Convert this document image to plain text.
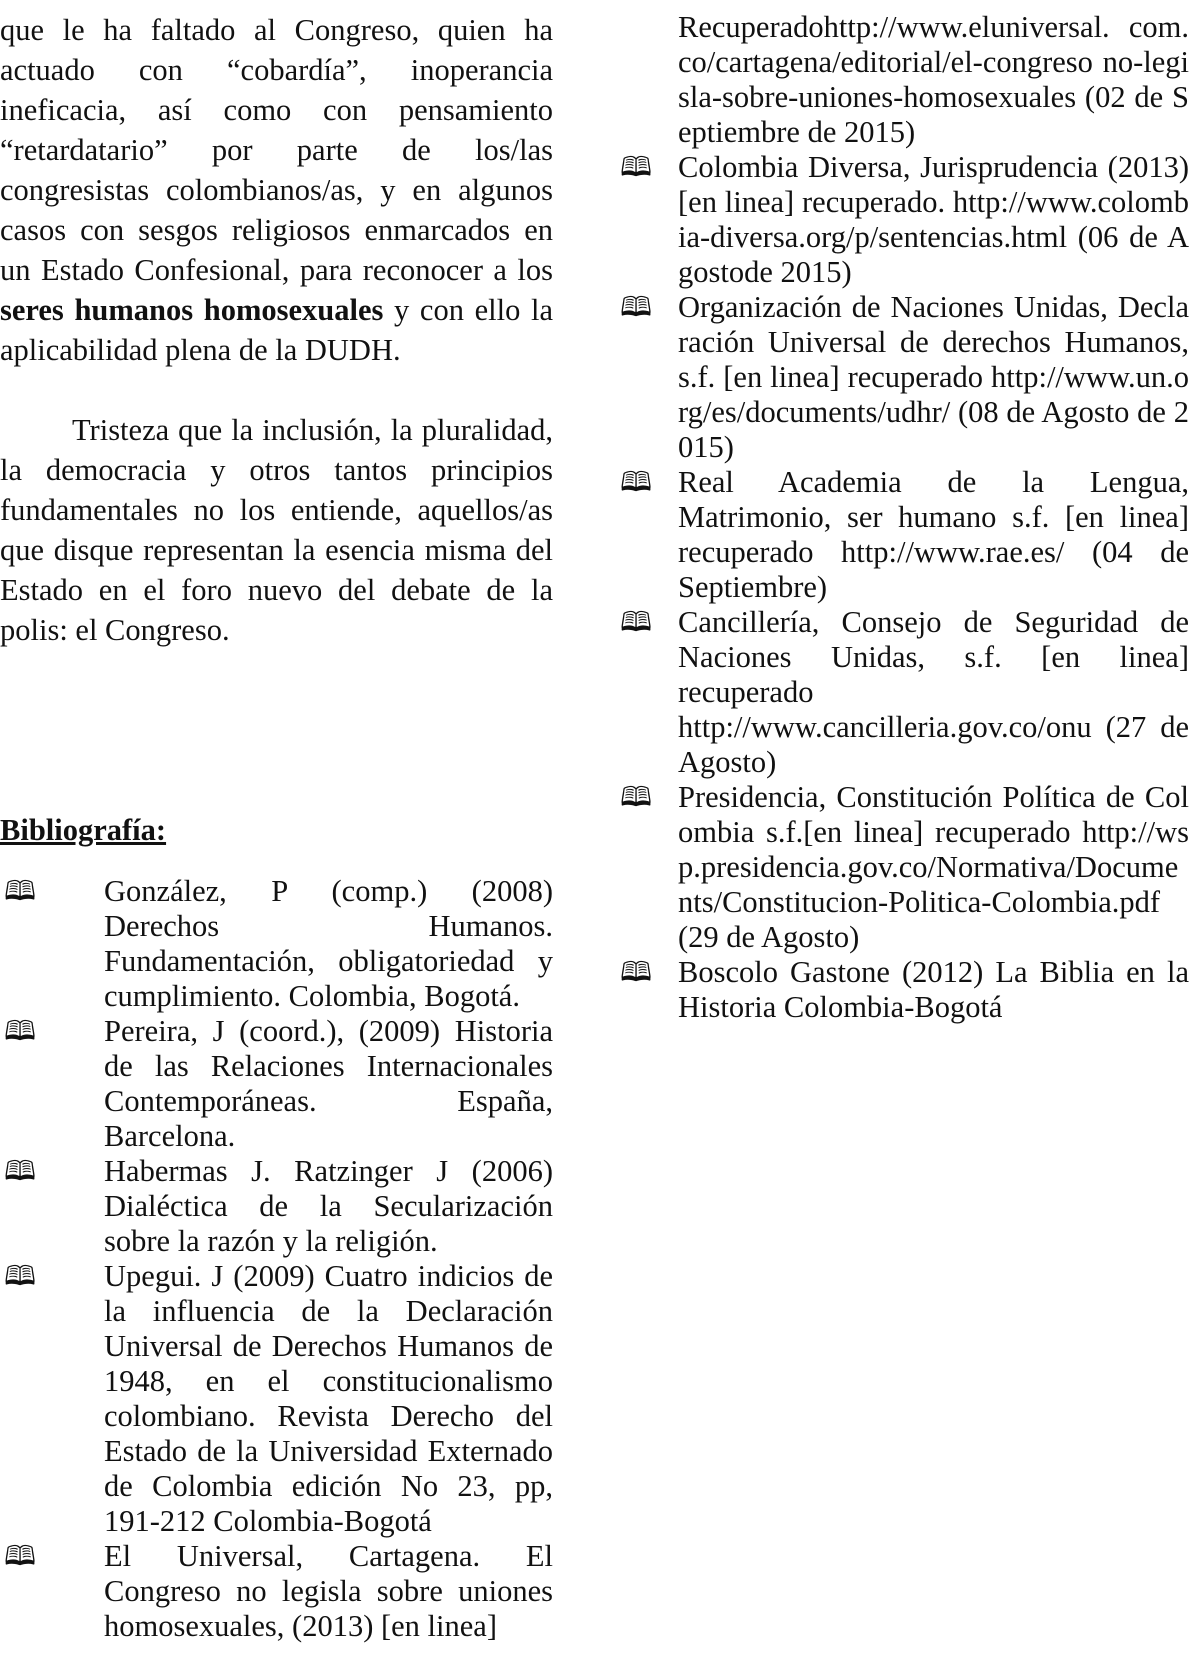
que le ha faltado al Congreso, quien ha actuado con “cobardía”, inoperancia ineficacia, así como con pensamiento “retardatario” por parte de los/las congresistas colombianos/as, y en algunos casos con sesgos religiosos enmarcados en un Estado Confesional, para reconocer a los seres humanos homosexuales y con ello la aplicabilidad plena de la DUDH.

Tristeza que la inclusión, la pluralidad, la democracia y otros tantos principios fundamentales no los entiende, aquellos/as que disque representan la esencia misma del Estado en el foro nuevo del debate de la polis: el Congreso.

Bibliografía:
🕮 González, P (comp.) (2008) Derechos Humanos. Fundamentación, obligatoriedad y cumplimiento. Colombia, Bogotá.
🕮 Pereira, J (coord.), (2009) Historia de las Relaciones Internacionales Contemporáneas. España, Barcelona.
🕮 Habermas J. Ratzinger J (2006) Dialéctica de la Secularización sobre la razón y la religión.
🕮 Upegui. J (2009) Cuatro indicios de la influencia de la Declaración Universal de Derechos Humanos de 1948, en el constitucionalismo colombiano. Revista Derecho del Estado de la Universidad Externado de Colombia edición No 23, pp, 191-212 Colombia-Bogotá
🕮 El Universal, Cartagena. El Congreso no legisla sobre uniones homosexuales, (2013) [en linea]
Recuperadohttp://www.eluniversal. com.co/cartagena/editorial/el-congreso no-legisla-sobre-uniones-homosexuales (02 de Septiembre de 2015)
🕮 Colombia Diversa, Jurisprudencia (2013) [en linea] recuperado. http://www.colombia-diversa.org/p/sentencias.html (06 de Agostode 2015)
🕮 Organización de Naciones Unidas, Declaración Universal de derechos Humanos, s.f. [en linea] recuperado http://www.un.org/es/documents/udhr/ (08 de Agosto de 2015)
🕮 Real Academia de la Lengua, Matrimonio, ser humano s.f. [en linea] recuperado http://www.rae.es/ (04 de Septiembre)
🕮 Cancillería, Consejo de Seguridad de Naciones Unidas, s.f. [en linea] recuperado http://www.cancilleria.gov.co/onu (27 de Agosto)
🕮 Presidencia, Constitución Política de Colombia s.f.[en linea] recuperado http://wsp.presidencia.gov.co/Normativa/Documents/Constitucion-Politica-Colombia.pdf (29 de Agosto)
🕮 Boscolo Gastone (2012) La Biblia en la Historia Colombia-Bogotá
